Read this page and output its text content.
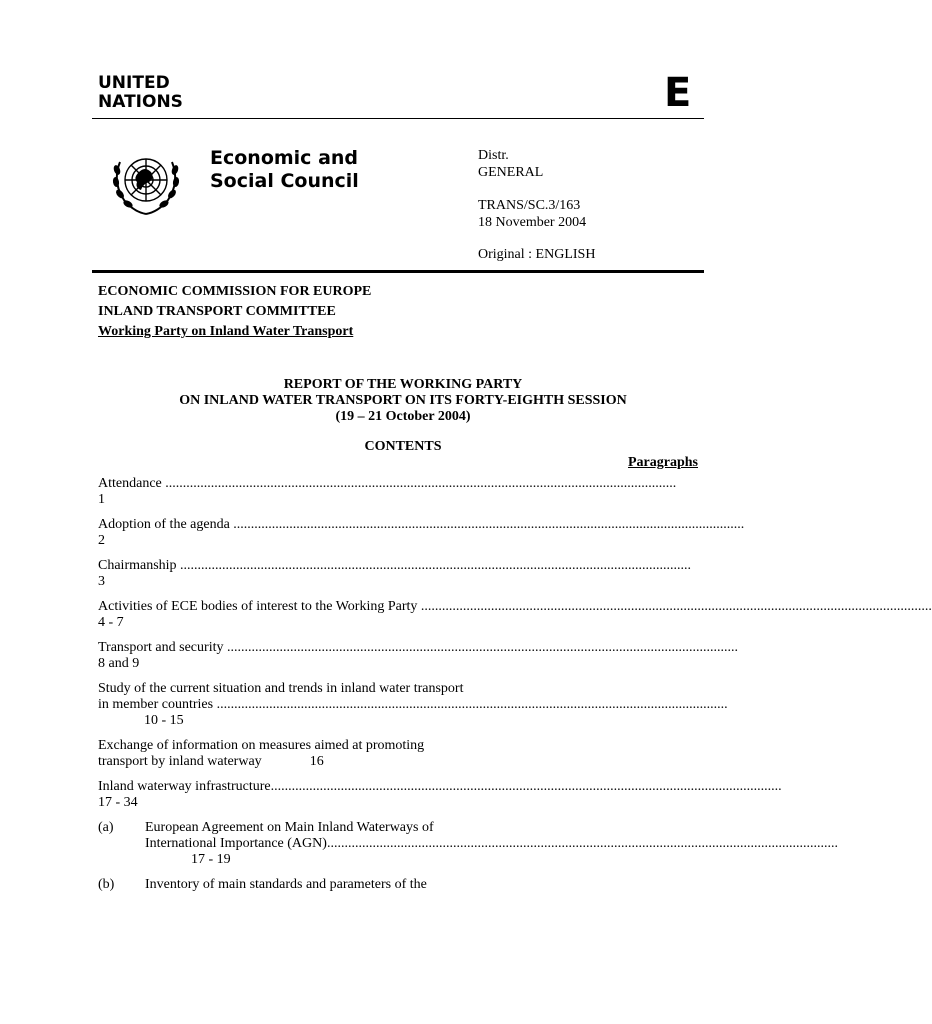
UNITED
NATIONS	E
Economic and
Social Council
Distr.
GENERAL
TRANS/SC.3/163
18 November 2004
Original : ENGLISH
ECONOMIC COMMISSION FOR EUROPE
INLAND TRANSPORT COMMITTEE
Working Party on Inland Water Transport
REPORT OF THE WORKING PARTY
ON INLAND WATER TRANSPORT ON ITS FORTY-EIGHTH SESSION
(19 – 21 October 2004)
CONTENTS
Paragraphs
Attendance ..................................................................................................................................................
1
Adoption of the agenda ..................................................................................................................................................
2
Chairmanship ..................................................................................................................................................
3
Activities of ECE bodies of interest to the Working Party ..................................................................................................................................................
4 - 7
Transport and security ..................................................................................................................................................
8 and 9
Study of the current situation and trends in inland water transport
in member countries ..................................................................................................................................................
10 - 15
Exchange of information on measures aimed at promoting
transport by inland waterway	16
Inland waterway infrastructure..................................................................................................................................................
17 - 34
(a) European Agreement on Main Inland Waterways of
International Importance (AGN)..................................................................................................................................................
17 - 19
(b) Inventory of main standards and parameters of the
